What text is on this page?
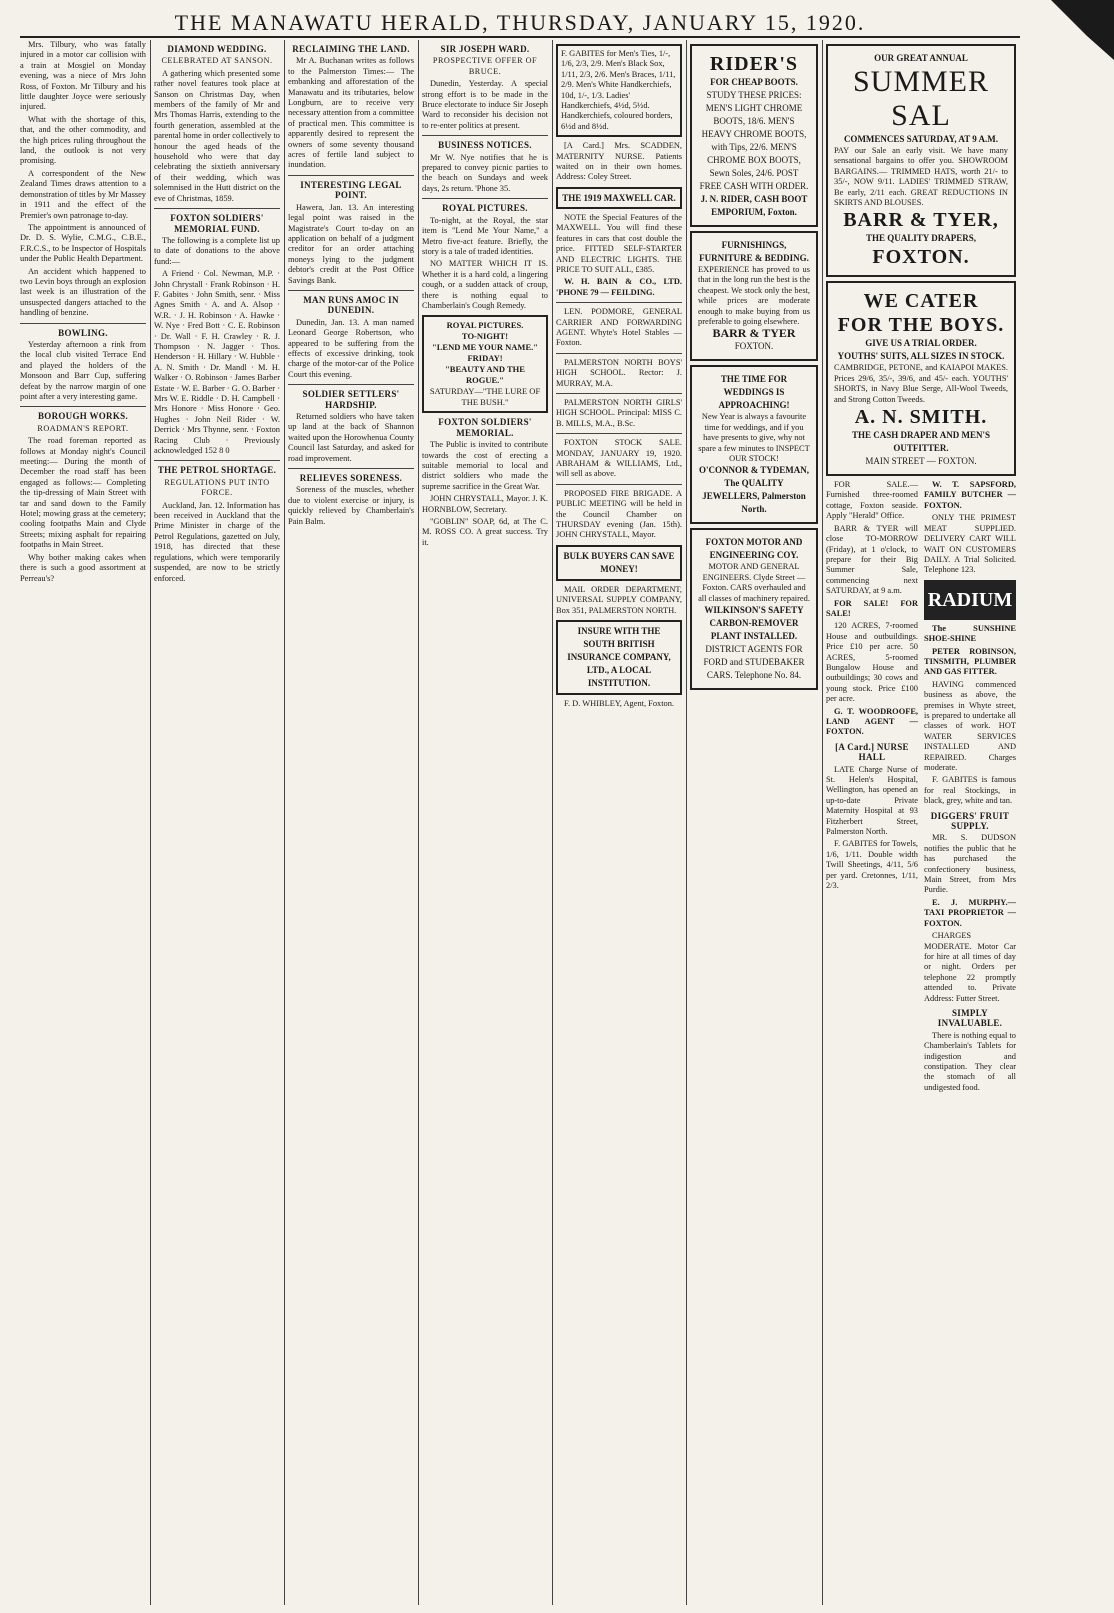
THE MANAWATU HERALD, THURSDAY, JANUARY 15, 1920.

Mrs. Tilbury, who was fatally injured in a motor car collision with a train at Mosgiel on Monday evening, was a niece of Mrs John Ross, of Foxton. Mr Tilbury and his little daughter Joyce were seriously injured.

What with the shortage of this, that, and the other commodity, and the high prices ruling throughout the land, the outlook is not very promising.

A correspondent of the New Zealand Times draws attention to a demonstration of titles by Mr Massey in 1911 and the effect of the Premier's own patronage to-day.

The appointment is announced of Dr. D. S. Wylie, C.M.G., C.B.E., F.R.C.S., to be Inspector of Hospitals under the Public Health Department.

An accident which happened to two Levin boys through an explosion last week is an illustration of the unsuspected dangers attached to the handling of benzine.

BOWLING.

Yesterday afternoon a rink from the local club visited Terrace End and played the holders of the Monsoon and Barr Cup, suffering defeat by the narrow margin of one point after a very interesting game.

BOROUGH WORKS.
ROADMAN'S REPORT.

The road foreman reported as follows at Monday night's Council meeting:— During the month of December the road staff has been engaged as follows:— Completing the tip-dressing of Main Street with tar and sand down to the Family Hotel; mowing grass at the cemetery; cooling footpaths Main and Clyde Streets; mixing asphalt for repairing footpaths in Main Street.

Why bother making cakes when there is such a good assortment at Perreau's?

DIAMOND WEDDING.
CELEBRATED AT SANSON.

A gathering which presented some rather novel features took place at Sanson on Christmas Day, when members of the family of Mr and Mrs Thomas Harris, extending to the fourth generation, assembled at the parental home in order collectively to honour the aged heads of the household who were that day celebrating the sixtieth anniversary of their wedding, which was solemnised in the Hutt district on the eve of Christmas, 1859.

FOXTON SOLDIERS' MEMORIAL FUND.

The following is a complete list up to date of donations to the above fund:—

A Friend · Col. Newman, M.P. · John Chrystall · Frank Robinson · H. F. Gabites · John Smith, senr. · Miss Agnes Smith · A. and A. Alsop · W.R. · J. H. Robinson · A. Hawke · W. Nye · Fred Bott · C. E. Robinson · Dr. Wall · F. H. Crawley · R. J. Thompson · N. Jagger · Thos. Henderson · H. Hillary · W. Hubble · A. N. Smith · Dr. Mandl · M. H. Walker · O. Robinson · James Barber Estate · W. E. Barber · G. O. Barber · Mrs W. E. Riddle · D. H. Campbell · Mrs Honore · Miss Honore · Geo. Hughes · John Neil Rider · W. Derrick · Mrs Thynne, senr. · Foxton Racing Club · Previously acknowledged 152 8 0

THE PETROL SHORTAGE.
REGULATIONS PUT INTO FORCE.

Auckland, Jan. 12. Information has been received in Auckland that the Prime Minister in charge of the Petrol Regulations, gazetted on July, 1918, has directed that these regulations, which were temporarily suspended, are now to be strictly enforced.

RECLAIMING THE LAND.

Mr A. Buchanan writes as follows to the Palmerston Times:— The embanking and afforestation of the Manawatu and its tributaries, below Longburn, are to receive very necessary attention from a committee of practical men. This committee is apparently desired to represent the owners of some seventy thousand acres of fertile land subject to inundation.

INTERESTING LEGAL POINT.

Hawera, Jan. 13. An interesting legal point was raised in the Magistrate's Court to-day on an application on behalf of a judgment creditor for an order attaching moneys lying to the judgment debtor's credit at the Post Office Savings Bank.

MAN RUNS AMOC IN DUNEDIN.

Dunedin, Jan. 13. A man named Leonard George Robertson, who appeared to be suffering from the effects of excessive drinking, took charge of the motor-car of the Police Court this evening.

SOLDIER SETTLERS' HARDSHIP.

Returned soldiers who have taken up land at the back of Shannon waited upon the Horowhenua County Council last Saturday, and asked for road improvement.

RELIEVES SORENESS.

Soreness of the muscles, whether due to violent exercise or injury, is quickly relieved by Chamberlain's Pain Balm.

SIR JOSEPH WARD.
PROSPECTIVE OFFER OF BRUCE.

Dunedin, Yesterday. A special strong effort is to be made in the Bruce electorate to induce Sir Joseph Ward to reconsider his decision not to re-enter politics at present.

BUSINESS NOTICES.

Mr W. Nye notifies that he is prepared to convey picnic parties to the beach on Sundays and week days, 2s return. 'Phone 35.

ROYAL PICTURES.

To-night, at the Royal, the star item is "Lend Me Your Name," a Metro five-act feature. Briefly, the story is a tale of traded identities.

NO MATTER WHICH IT IS. Whether it is a hard cold, a lingering cough, or a sudden attack of croup, there is nothing equal to Chamberlain's Cough Remedy.

ROYAL PICTURES.
TO-NIGHT!
"LEND ME YOUR NAME."
FRIDAY!
"BEAUTY AND THE ROGUE."
SATURDAY—"THE LURE OF THE BUSH."
FOXTON SOLDIERS' MEMORIAL.

The Public is invited to contribute towards the cost of erecting a suitable memorial to local and district soldiers who made the supreme sacrifice in the Great War.

JOHN CHRYSTALL, Mayor. J. K. HORNBLOW, Secretary.

"GOBLIN" SOAP, 6d, at The C. M. ROSS CO. A great success. Try it.

F. GABITES for Men's Ties, 1/-, 1/6, 2/3, 2/9. Men's Black Sox, 1/11, 2/3, 2/6. Men's Braces, 1/11, 2/9. Men's White Handkerchiefs, 10d, 1/-, 1/3. Ladies' Handkerchiefs, 4½d, 5½d. Handkerchiefs, coloured borders, 6½d and 8½d.

[A Card.] Mrs. SCADDEN, MATERNITY NURSE. Patients waited on in their own homes. Address: Coley Street.

THE 1919 MAXWELL CAR.

NOTE the Special Features of the MAXWELL. You will find these features in cars that cost double the price. FITTED SELF-STARTER AND ELECTRIC LIGHTS. THE PRICE TO SUIT ALL, £385.

W. H. BAIN & CO., LTD. 'PHONE 79 — FEILDING.

LEN. PODMORE, GENERAL CARRIER AND FORWARDING AGENT. Whyte's Hotel Stables — Foxton.

PALMERSTON NORTH BOYS' HIGH SCHOOL. Rector: J. MURRAY, M.A.

PALMERSTON NORTH GIRLS' HIGH SCHOOL. Principal: MISS C. B. MILLS, M.A., B.Sc.

FOXTON STOCK SALE. MONDAY, JANUARY 19, 1920. ABRAHAM & WILLIAMS, Ltd., will sell as above.

PROPOSED FIRE BRIGADE. A PUBLIC MEETING will be held in the Council Chamber on THURSDAY evening (Jan. 15th). JOHN CHRYSTALL, Mayor.

BULK BUYERS CAN SAVE MONEY!

MAIL ORDER DEPARTMENT, UNIVERSAL SUPPLY COMPANY, Box 351, PALMERSTON NORTH.

INSURE WITH THE SOUTH BRITISH INSURANCE COMPANY, LTD., A LOCAL INSTITUTION.

F. D. WHIBLEY, Agent, Foxton.

RIDER'S
FOR CHEAP BOOTS.
STUDY THESE PRICES: MEN'S LIGHT CHROME BOOTS, 18/6. MEN'S HEAVY CHROME BOOTS, with Tips, 22/6. MEN'S CHROME BOX BOOTS, Sewn Soles, 24/6. POST FREE CASH WITH ORDER.
J. N. RIDER, CASH BOOT EMPORIUM, Foxton.
FURNISHINGS, FURNITURE & BEDDING.
EXPERIENCE has proved to us that in the long run the best is the cheapest. We stock only the best, while prices are moderate enough to make buying from us preferable to going elsewhere.
BARR & TYER
FOXTON.
THE TIME FOR WEDDINGS IS APPROACHING!
New Year is always a favourite time for weddings, and if you have presents to give, why not spare a few minutes to INSPECT OUR STOCK!
O'CONNOR & TYDEMAN, The QUALITY JEWELLERS, Palmerston North.
FOXTON MOTOR AND ENGINEERING COY.
MOTOR AND GENERAL ENGINEERS. Clyde Street — Foxton. CARS overhauled and all classes of machinery repaired.
WILKINSON'S SAFETY CARBON-REMOVER PLANT INSTALLED.
DISTRICT AGENTS FOR FORD and STUDEBAKER CARS. Telephone No. 84.
OUR GREAT ANNUAL
SUMMER SAL
COMMENCES SATURDAY, AT 9 A.M.
PAY our Sale an early visit. We have many sensational bargains to offer you. SHOWROOM BARGAINS.— TRIMMED HATS, worth 21/- to 35/-, NOW 9/11. LADIES' TRIMMED STRAW, Be early, 2/11 each. GREAT REDUCTIONS IN SKIRTS AND BLOUSES.
BARR & TYER,
THE QUALITY DRAPERS,
FOXTON.
WE CATER
FOR THE BOYS.
GIVE US A TRIAL ORDER.
YOUTHS' SUITS, ALL SIZES IN STOCK.
CAMBRIDGE, PETONE, and KAIAPOI MAKES. Prices 29/6, 35/-, 39/6, and 45/- each. YOUTHS' SHORTS, in Navy Blue Serge, All-Wool Tweeds, and Strong Cotton Tweeds.
A. N. SMITH.
THE CASH DRAPER AND MEN'S OUTFITTER.
MAIN STREET — FOXTON.

FOR SALE.— Furnished three-roomed cottage, Foxton seaside. Apply "Herald" Office.

BARR & TYER will close TO-MORROW (Friday), at 1 o'clock, to prepare for their Big Summer Sale, commencing next SATURDAY, at 9 a.m.

FOR SALE! FOR SALE!

120 ACRES, 7-roomed House and outbuildings. Price £10 per acre. 50 ACRES, 5-roomed Bungalow House and outbuildings; 30 cows and young stock. Price £100 per acre.

G. T. WOODROOFE, LAND AGENT — FOXTON.

[A Card.] NURSE HALL

LATE Charge Nurse of St. Helen's Hospital, Wellington, has opened an up-to-date Private Maternity Hospital at 93 Fitzherbert Street, Palmerston North.

F. GABITES for Towels, 1/6, 1/11. Double width Twill Sheetings, 4/11, 5/6 per yard. Cretonnes, 1/11, 2/3.

W. T. SAPSFORD, FAMILY BUTCHER — FOXTON.

ONLY THE PRIMEST MEAT SUPPLIED. DELIVERY CART WILL WAIT ON CUSTOMERS DAILY. A Trial Solicited. Telephone 123.

RADIUM

The SUNSHINE SHOE-SHINE

PETER ROBINSON, TINSMITH, PLUMBER AND GAS FITTER.

HAVING commenced business as above, the premises in Whyte street, is prepared to undertake all classes of work. HOT WATER SERVICES INSTALLED AND REPAIRED. Charges moderate.

F. GABITES is famous for real Stockings, in black, grey, white and tan.

DIGGERS' FRUIT SUPPLY.

MR. S. DUDSON notifies the public that he has purchased the confectionery business, Main Street, from Mrs Purdie.

E. J. MURPHY.— TAXI PROPRIETOR — FOXTON.

CHARGES MODERATE. Motor Car for hire at all times of day or night. Orders per telephone 22 promptly attended to. Private Address: Futter Street.

SIMPLY INVALUABLE.

There is nothing equal to Chamberlain's Tablets for indigestion and constipation. They clear the stomach of all undigested food.
